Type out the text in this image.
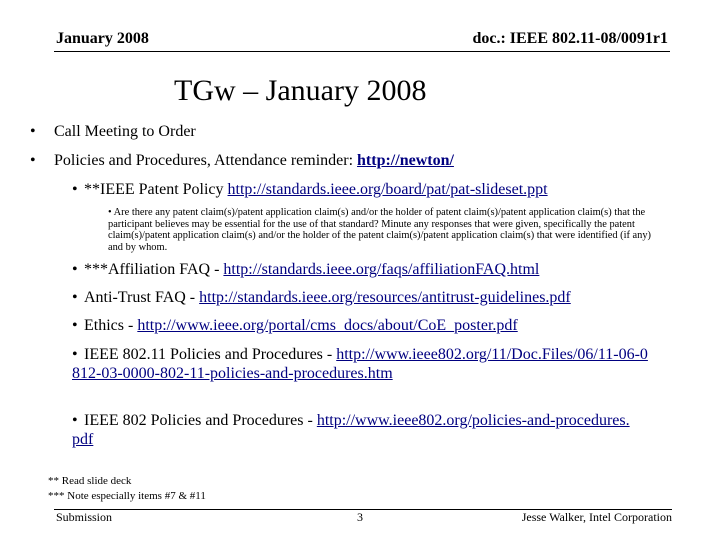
January 2008	doc.: IEEE 802.11-08/0091r1
TGw – January 2008
• Call Meeting to Order
• Policies and Procedures, Attendance reminder: http://newton/
• **IEEE Patent Policy http://standards.ieee.org/board/pat/pat-slideset.ppt
• Are there any patent claim(s)/patent application claim(s) and/or the holder of patent claim(s)/patent application claim(s) that the participant believes may be essential for the use of that standard? Minute any responses that were given, specifically the patent claim(s)/patent application claim(s) and/or the holder of the patent claim(s)/patent application claim(s) that were identified (if any) and by whom.
• ***Affiliation FAQ - http://standards.ieee.org/faqs/affiliationFAQ.html
• Anti-Trust FAQ - http://standards.ieee.org/resources/antitrust-guidelines.pdf
• Ethics - http://www.ieee.org/portal/cms_docs/about/CoE_poster.pdf
• IEEE 802.11 Policies and Procedures - http://www.ieee802.org/11/Doc.Files/06/11-06-0812-03-0000-802-11-policies-and-procedures.htm
• IEEE 802 Policies and Procedures - http://www.ieee802.org/policies-and-procedures.pdf
** Read slide deck
*** Note especially items #7 & #11
Submission	3	Jesse Walker, Intel Corporation
